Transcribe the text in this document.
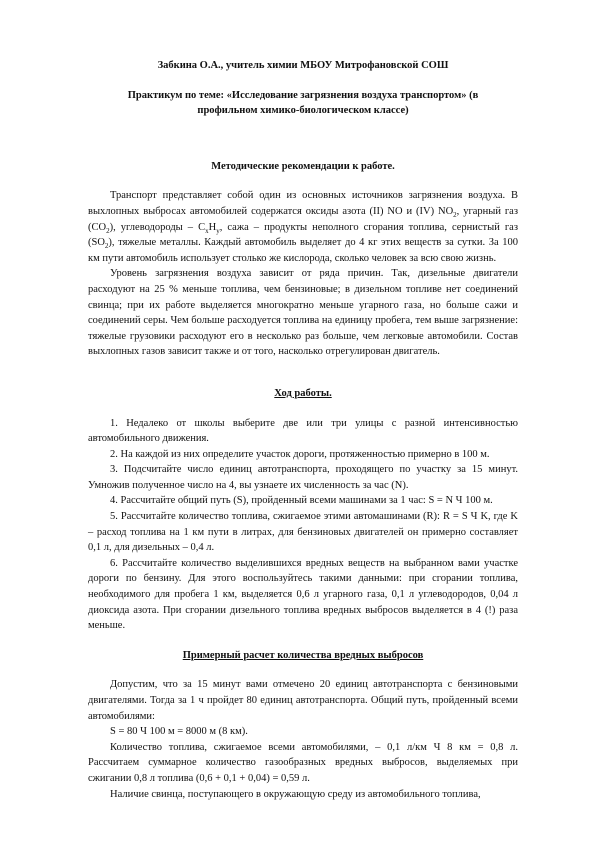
Забкина О.А., учитель химии МБОУ Митрофановской СОШ

Практикум по теме: «Исследование загрязнения воздуха транспортом» (в

профильном химико-биологическом классе)

Методические рекомендации к работе.

Транспорт представляет собой один из основных источников загрязнения воздуха. В выхлопных выбросах автомобилей содержатся оксиды азота (II) NO и (IV) $NO_2$, угарный газ $(CO_2)$, углеводороды – $C_xH_y$, сажа – продукты неполного сгорания топлива, сернистый газ $(SO_2)$, тяжелые металлы. Каждый автомобиль выделяет до 4 кг этих веществ за сутки. За 100 км пути автомобиль использует столько же кислорода, сколько человек за всю свою жизнь.

Уровень загрязнения воздуха зависит от ряда причин. Так, дизельные двигатели расходуют на 25 % меньше топлива, чем бензиновые; в дизельном топливе нет соединений свинца; при их работе выделяется многократно меньше угарного газа, но больше сажи и соединений серы. Чем больше расходуется топлива на единицу пробега, тем выше загрязнение: тяжелые грузовики расходуют его в несколько раз больше, чем легковые автомобили. Состав выхлопных газов зависит также и от того, насколько отрегулирован двигатель.

Ход работы.

1. Недалеко от школы выберите две или три улицы с разной интенсивностью автомобильного движения.

2. На каждой из них определите участок дороги, протяженностью примерно в 100 м.

3. Подсчитайте число единиц автотранспорта, проходящего по участку за 15 минут. Умножив полученное число на 4, вы узнаете их численность за час (N).

4. Рассчитайте общий путь (S), пройденный всеми машинами за 1 час: S = N Ч 100 м.

5. Рассчитайте количество топлива, сжигаемое этими автомашинами (R): R = S Ч K, где K – расход топлива на 1 км пути в литрах, для бензиновых двигателей он примерно составляет 0,1 л, для дизельных – 0,4 л.

6. Рассчитайте количество выделившихся вредных веществ на выбранном вами участке дороги по бензину. Для этого воспользуйтесь такими данными: при сгорании топлива, необходимого для пробега 1 км, выделяется 0,6 л угарного газа, 0,1 л углеводородов, 0,04 л диоксида азота. При сгорании дизельного топлива вредных выбросов выделяется в 4 (!) раза меньше.

Примерный расчет количества вредных выбросов

Допустим, что за 15 минут вами отмечено 20 единиц автотранспорта с бензиновыми двигателями. Тогда за 1 ч пройдет 80 единиц автотранспорта. Общий путь, пройденный всеми автомобилями:

S = 80 Ч 100 м = 8000 м (8 км).

Количество топлива, сжигаемое всеми автомобилями, – 0,1 л/км Ч 8 км = 0,8 л. Рассчитаем суммарное количество газообразных вредных выбросов, выделяемых при сжигании 0,8 л топлива (0,6 + 0,1 + 0,04) = 0,59 л.

Наличие свинца, поступающего в окружающую среду из автомобильного топлива,
